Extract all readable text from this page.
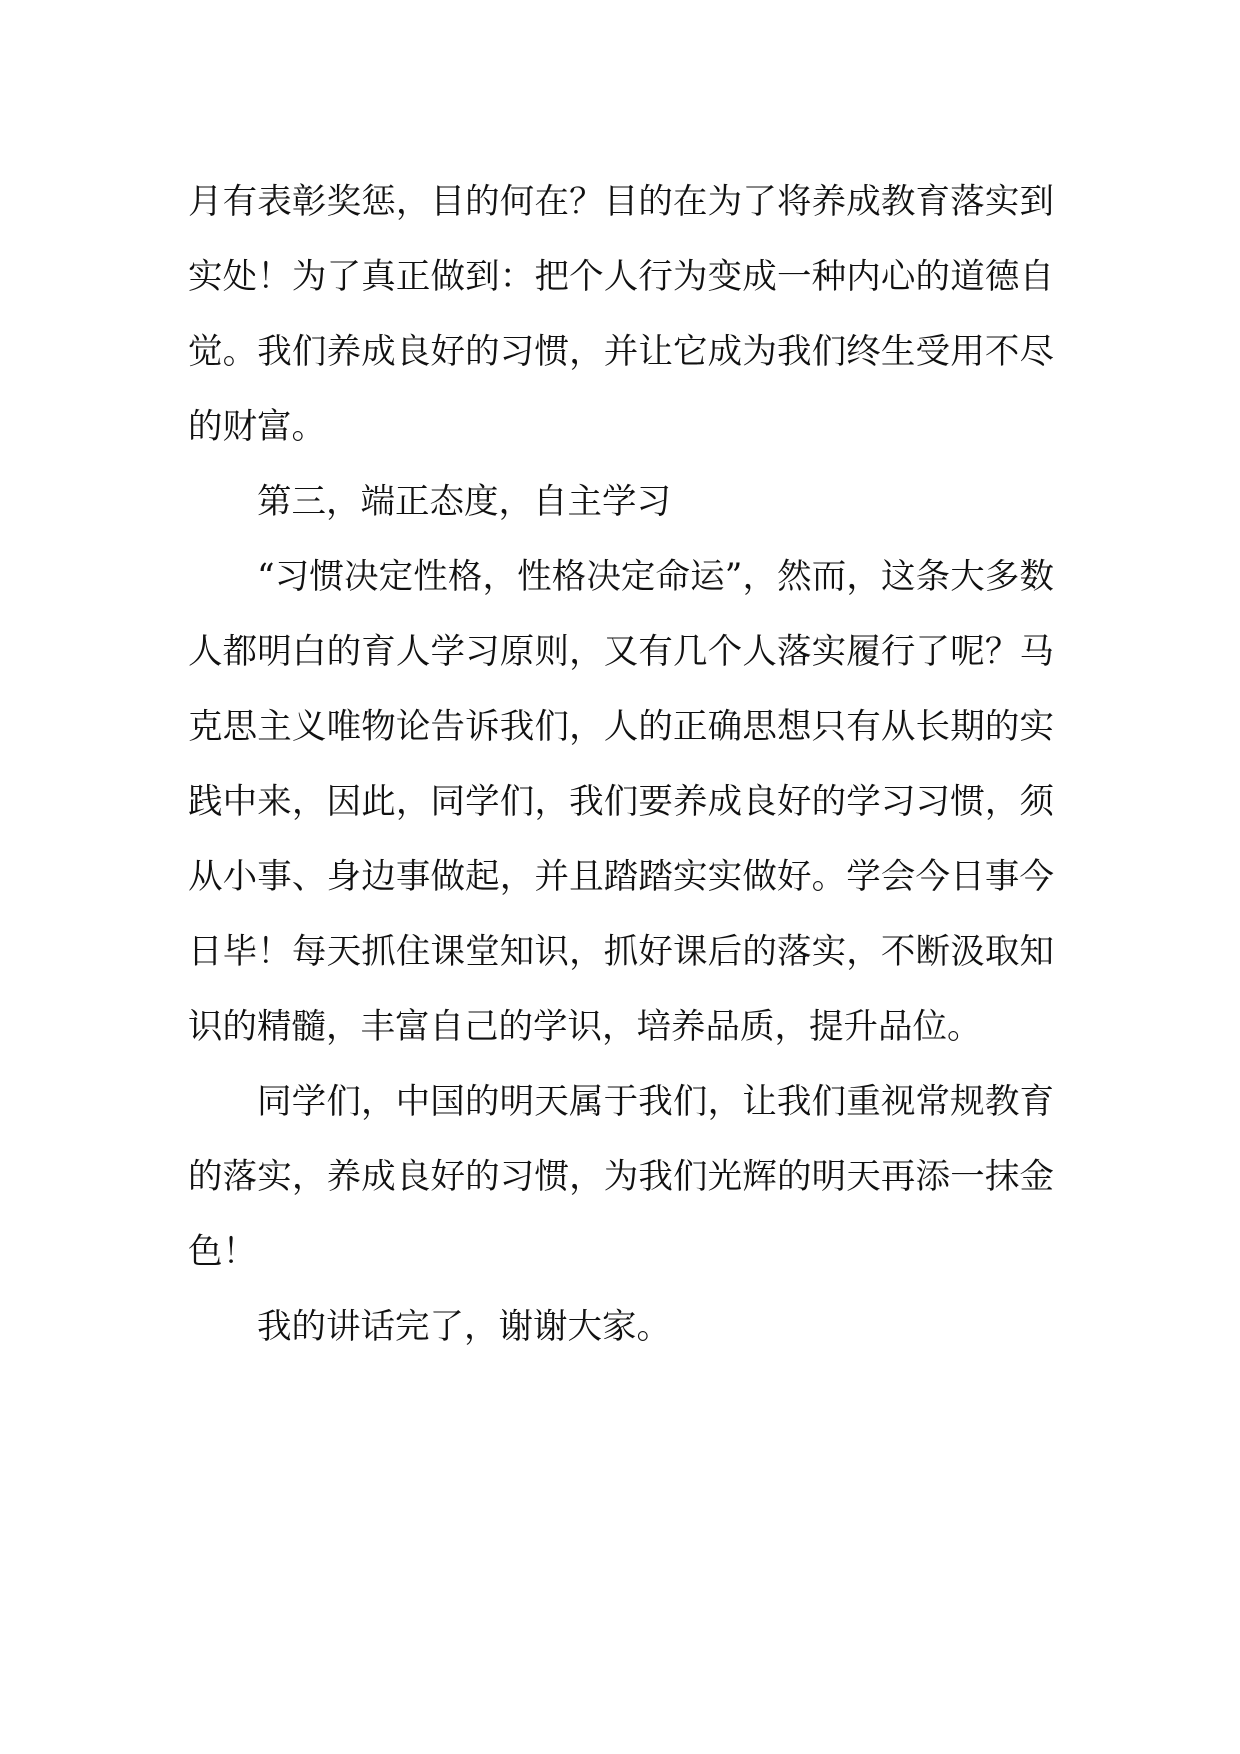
月有表彰奖惩，目的何在？目的在为了将养成教育落实到实处！为了真正做到：把个人行为变成一种内心的道德自觉。我们养成良好的习惯，并让它成为我们终生受用不尽的财富。

第三，端正态度，自主学习

“习惯决定性格，性格决定命运”，然而，这条大多数人都明白的育人学习原则，又有几个人落实履行了呢？马克思主义唯物论告诉我们，人的正确思想只有从长期的实践中来，因此，同学们，我们要养成良好的学习习惯，须从小事、身边事做起，并且踏踏实实做好。学会今日事今日毕！每天抓住课堂知识，抓好课后的落实，不断汲取知识的精髓，丰富自己的学识，培养品质，提升品位。

同学们，中国的明天属于我们，让我们重视常规教育的落实，养成良好的习惯，为我们光辉的明天再添一抹金色！

我的讲话完了，谢谢大家。
